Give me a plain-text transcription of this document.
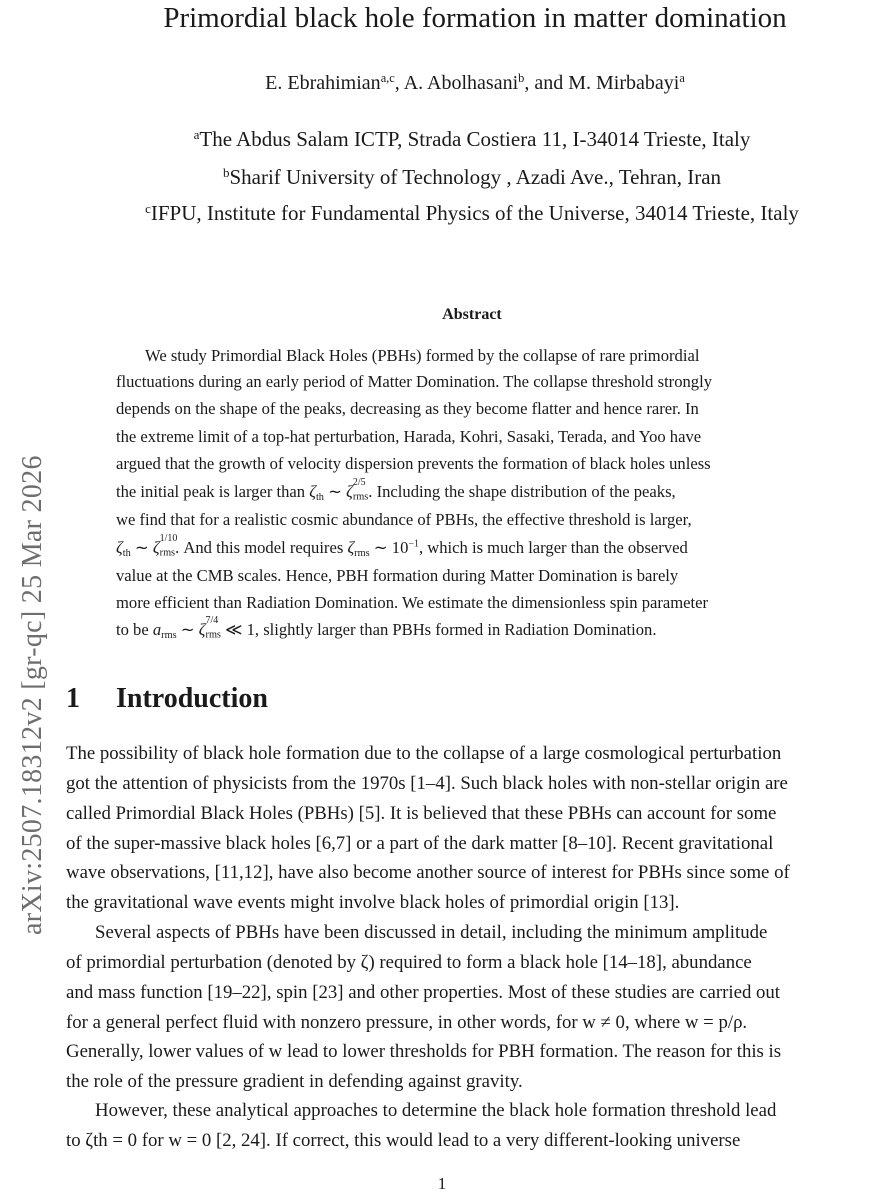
arXiv:2507.18312v2 [gr-qc] 25 Mar 2026
Primordial black hole formation in matter domination
E. Ebrahimian$^{a,c}$, A. Abolhasani$^b$, and M. Mirbabayi$^a$
$^a$The Abdus Salam ICTP, Strada Costiera 11, I-34014 Trieste, Italy
$^b$Sharif University of Technology , Azadi Ave., Tehran, Iran
$^c$IFPU, Institute for Fundamental Physics of the Universe, 34014 Trieste, Italy
Abstract
We study Primordial Black Holes (PBHs) formed by the collapse of rare primordial
fluctuations during an early period of Matter Domination. The collapse threshold strongly
depends on the shape of the peaks, decreasing as they become flatter and hence rarer. In
the extreme limit of a top-hat perturbation, Harada, Kohri, Sasaki, Terada, and Yoo have
argued that the growth of velocity dispersion prevents the formation of black holes unless
the initial peak is larger than ζth ∼ ζ 2/5
rms. Including the shape distribution of the peaks,
we find that for a realistic cosmic abundance of PBHs, the effective threshold is larger,
ζth ∼ ζ 1/10
rms. And this model requires ζrms ∼ $10^{-1}$, which is much larger than the observed
value at the CMB scales. Hence, PBH formation during Matter Domination is barely
more efficient than Radiation Domination. We estimate the dimensionless spin parameter
to be arms ∼ ζ 7/4
rms ≪ 1, slightly larger than PBHs formed in Radiation Domination.
1 Introduction
The possibility of black hole formation due to the collapse of a large cosmological perturbation
got the attention of physicists from the 1970s [1–4]. Such black holes with non-stellar origin are
called Primordial Black Holes (PBHs) [5]. It is believed that these PBHs can account for some
of the super-massive black holes [6,7] or a part of the dark matter [8–10]. Recent gravitational
wave observations, [11,12], have also become another source of interest for PBHs since some of
the gravitational wave events might involve black holes of primordial origin [13].
Several aspects of PBHs have been discussed in detail, including the minimum amplitude
of primordial perturbation (denoted by ζ) required to form a black hole [14–18], abundance
and mass function [19–22], spin [23] and other properties. Most of these studies are carried out
for a general perfect fluid with nonzero pressure, in other words, for w ≠ 0, where w = p/ρ.
Generally, lower values of w lead to lower thresholds for PBH formation. The reason for this is
the role of the pressure gradient in defending against gravity.
However, these analytical approaches to determine the black hole formation threshold lead
to ζth = 0 for w = 0 [2, 24]. If correct, this would lead to a very different-looking universe
1
